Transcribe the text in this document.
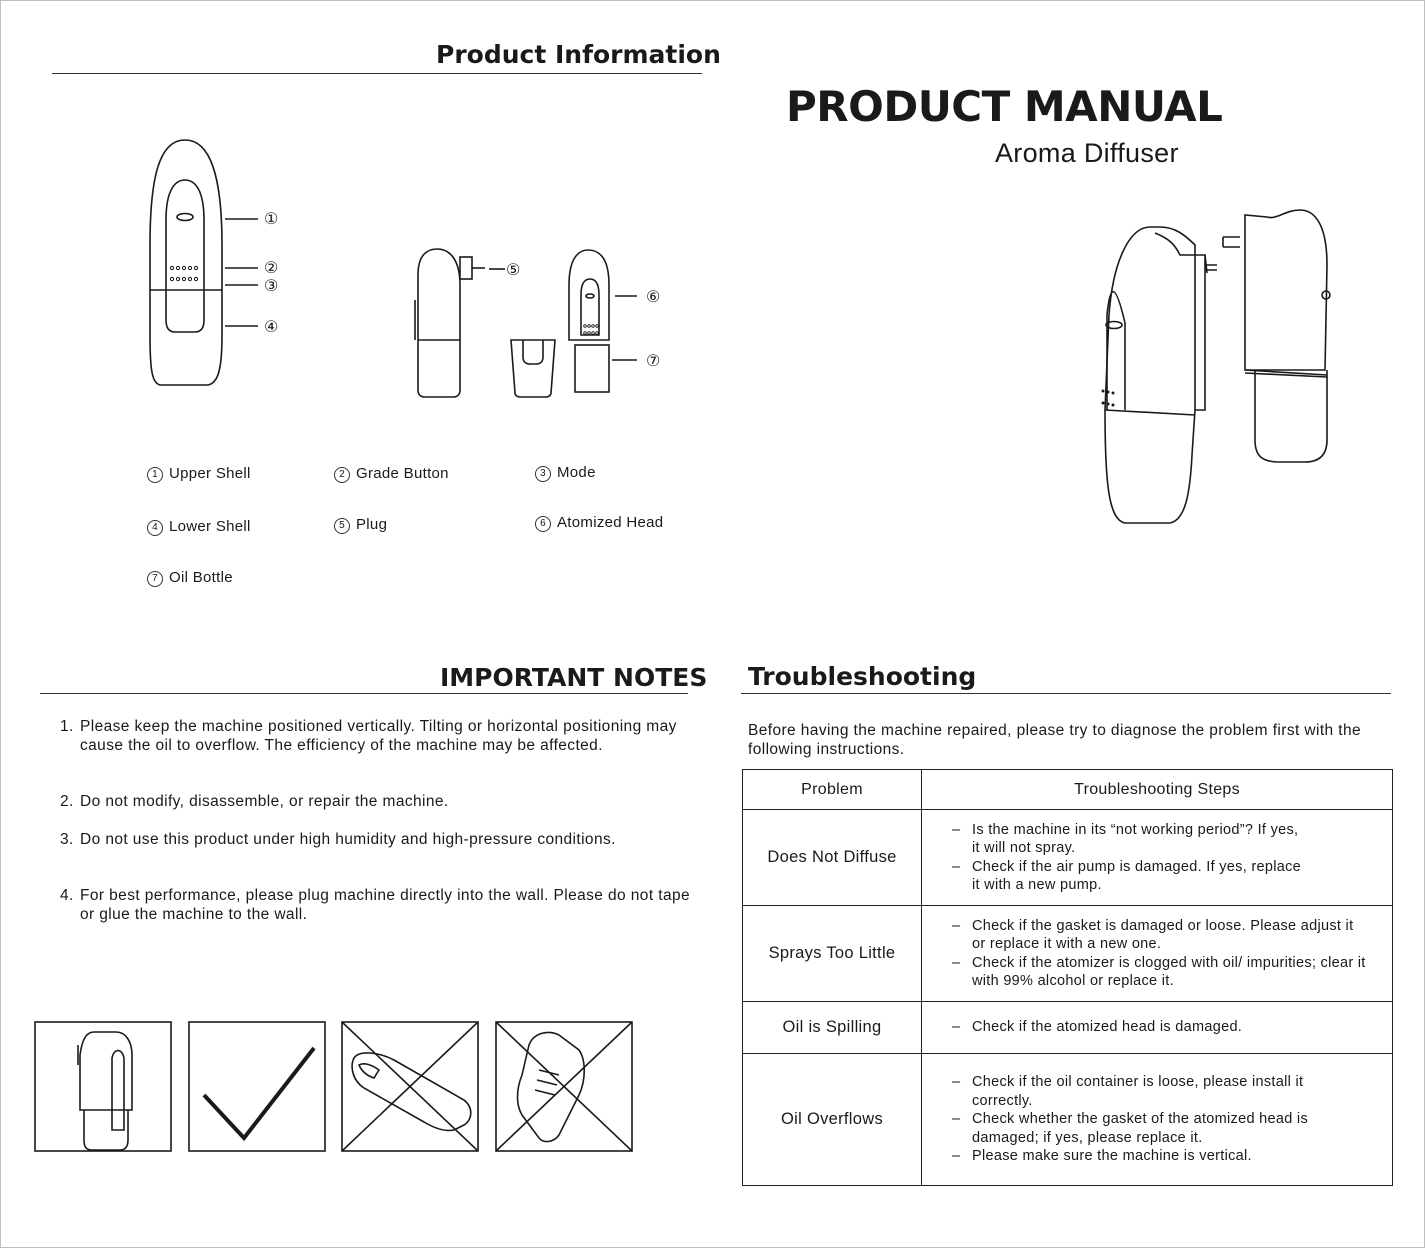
Product Information
①
②
③
④
⑤
⑥
⑦
1 Upper Shell	2 Grade Button	3 Mode
4 Lower Shell	5 Plug	6 Atomized Head
7 Oil Bottle
PRODUCT MANUAL
Aroma Diffuser
IMPORTANT NOTES
1. Please keep the machine positioned vertically. Tilting or horizontal positioning may cause the oil to overflow. The efficiency of the machine may be affected.
2. Do not modify, disassemble, or repair the machine.
3. Do not use this product under high humidity and high-pressure conditions.
4. For best performance, please plug machine directly into the wall. Please do not tape or glue the machine to the wall.
Troubleshooting
Before having the machine repaired, please try to diagnose the problem first with the following instructions.
Problem	Troubleshooting Steps
Does Not Diffuse	– Is the machine in its “not working period”? If yes, it will not spray.
– Check if the air pump is damaged. If yes, replace it with a new pump.

Sprays Too Little	– Check if the gasket is damaged or loose. Please adjust it or replace it with a new one.
– Check if the atomizer is clogged with oil/ impurities; clear it with 99% alcohol or replace it.

Oil is Spilling	– Check if the atomized head is damaged.

Oil Overflows	– Check if the oil container is loose, please install it correctly.
– Check whether the gasket of the atomized head is damaged; if yes, please replace it.
– Please make sure the machine is vertical.
